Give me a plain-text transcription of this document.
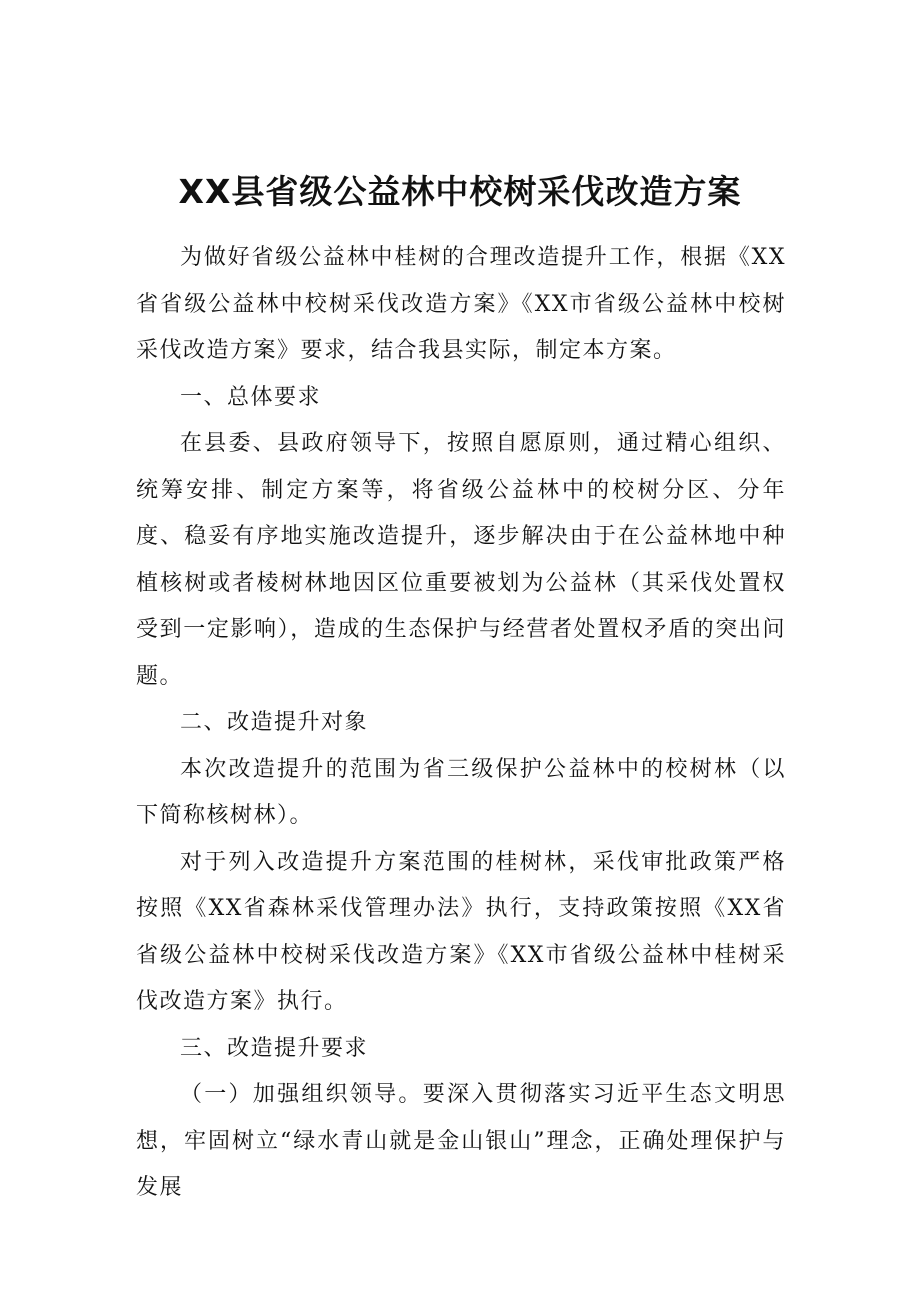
XX县省级公益林中校树采伐改造方案

为做好省级公益林中桂树的合理改造提升工作，根据《XX省省级公益林中校树采伐改造方案》《XX市省级公益林中校树采伐改造方案》要求，结合我县实际，制定本方案。

一、总体要求

在县委、县政府领导下，按照自愿原则，通过精心组织、统筹安排、制定方案等，将省级公益林中的校树分区、分年度、稳妥有序地实施改造提升，逐步解决由于在公益林地中种植核树或者棱树林地因区位重要被划为公益林（其采伐处置权受到一定影响），造成的生态保护与经营者处置权矛盾的突出问题。

二、改造提升对象

本次改造提升的范围为省三级保护公益林中的校树林（以下简称核树林）。

对于列入改造提升方案范围的桂树林，采伐审批政策严格按照《XX省森林采伐管理办法》执行，支持政策按照《XX省省级公益林中校树采伐改造方案》《XX市省级公益林中桂树采伐改造方案》执行。

三、改造提升要求

（一）加强组织领导。要深入贯彻落实习近平生态文明思想，牢固树立“绿水青山就是金山银山”理念，正确处理保护与发展
